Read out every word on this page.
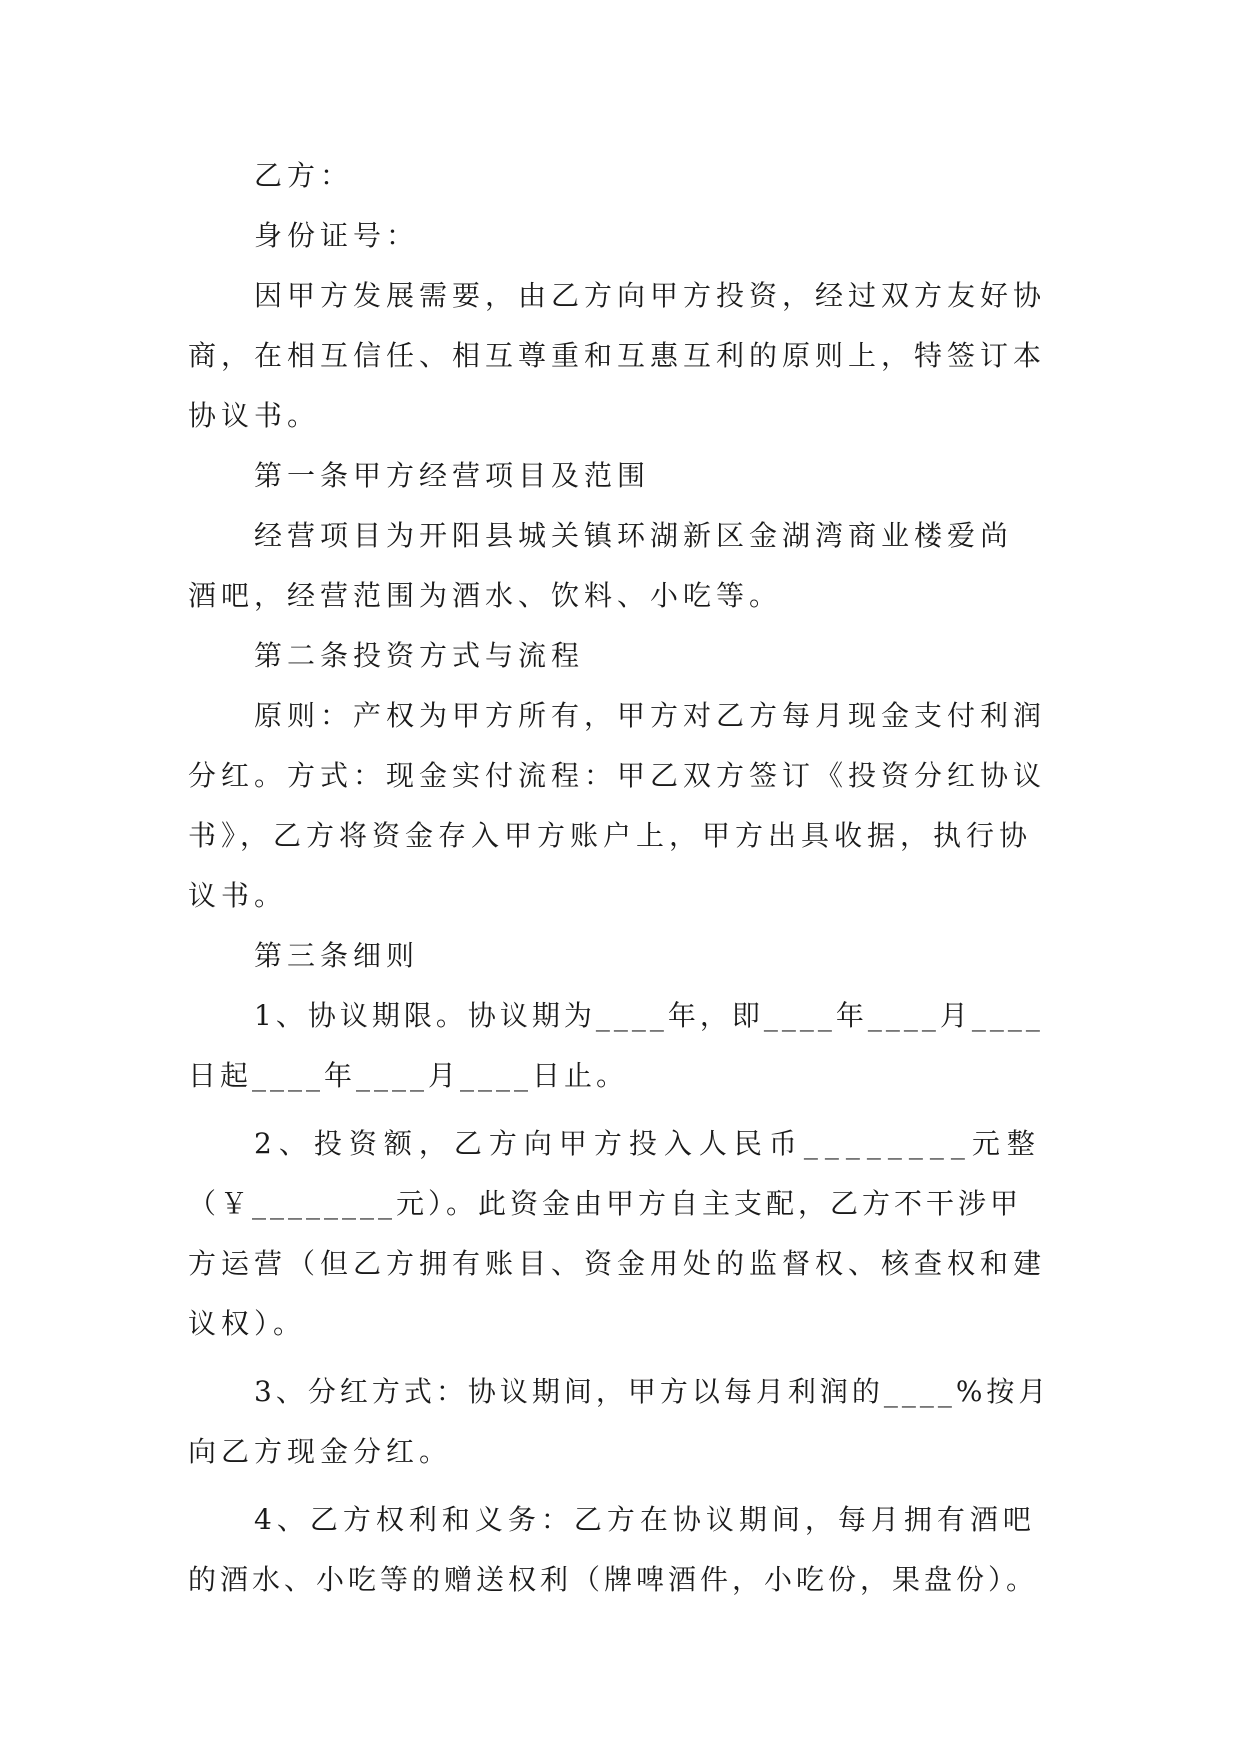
乙方：
身份证号：
因甲方发展需要，由乙方向甲方投资，经过双方友好协
商，在相互信任、相互尊重和互惠互利的原则上，特签订本
协议书。
第一条甲方经营项目及范围
经营项目为开阳县城关镇环湖新区金湖湾商业楼爱尚
酒吧，经营范围为酒水、饮料、小吃等。
第二条投资方式与流程
原则：产权为甲方所有，甲方对乙方每月现金支付利润
分红。方式：现金实付流程：甲乙双方签订《投资分红协议
书》，乙方将资金存入甲方账户上，甲方出具收据，执行协
议书。
第三条细则
1、协议期限。协议期为____年，即____年____月____
日起____年____月____日止。
2、投资额，乙方向甲方投入人民币________元整
（￥________元）。此资金由甲方自主支配，乙方不干涉甲
方运营（但乙方拥有账目、资金用处的监督权、核查权和建
议权）。
3、分红方式：协议期间，甲方以每月利润的____%按月
向乙方现金分红。
4、乙方权利和义务：乙方在协议期间，每月拥有酒吧
的酒水、小吃等的赠送权利（牌啤酒件，小吃份，果盘份）。
